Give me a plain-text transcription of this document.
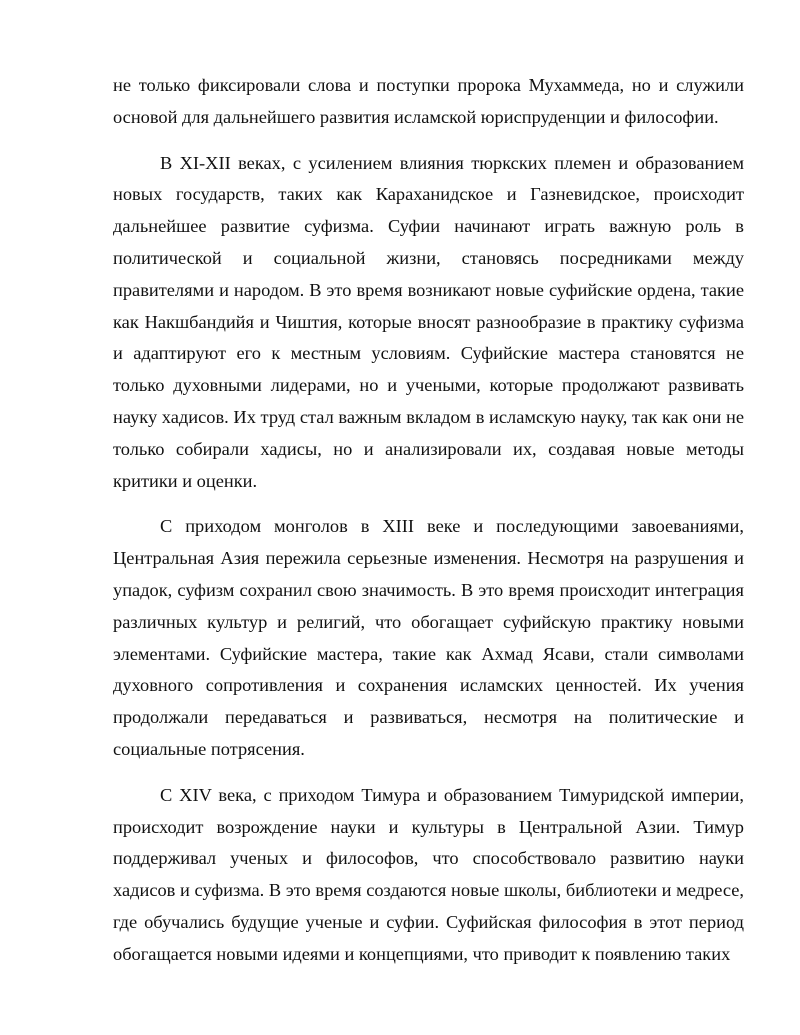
не только фиксировали слова и поступки пророка Мухаммеда, но и служили основой для дальнейшего развития исламской юриспруденции и философии.

В XI-XII веках, с усилением влияния тюркских племен и образованием новых государств, таких как Караханидское и Газневидское, происходит дальнейшее развитие суфизма. Суфии начинают играть важную роль в политической и социальной жизни, становясь посредниками между правителями и народом. В это время возникают новые суфийские ордена, такие как Накшбандийя и Чиштия, которые вносят разнообразие в практику суфизма и адаптируют его к местным условиям. Суфийские мастера становятся не только духовными лидерами, но и учеными, которые продолжают развивать науку хадисов. Их труд стал важным вкладом в исламскую науку, так как они не только собирали хадисы, но и анализировали их, создавая новые методы критики и оценки.

С приходом монголов в XIII веке и последующими завоеваниями, Центральная Азия пережила серьезные изменения. Несмотря на разрушения и упадок, суфизм сохранил свою значимость. В это время происходит интеграция различных культур и религий, что обогащает суфийскую практику новыми элементами. Суфийские мастера, такие как Ахмад Ясави, стали символами духовного сопротивления и сохранения исламских ценностей. Их учения продолжали передаваться и развиваться, несмотря на политические и социальные потрясения.

С XIV века, с приходом Тимура и образованием Тимуридской империи, происходит возрождение науки и культуры в Центральной Азии. Тимур поддерживал ученых и философов, что способствовало развитию науки хадисов и суфизма. В это время создаются новые школы, библиотеки и медресе, где обучались будущие ученые и суфии. Суфийская философия в этот период обогащается новыми идеями и концепциями, что приводит к появлению таких
